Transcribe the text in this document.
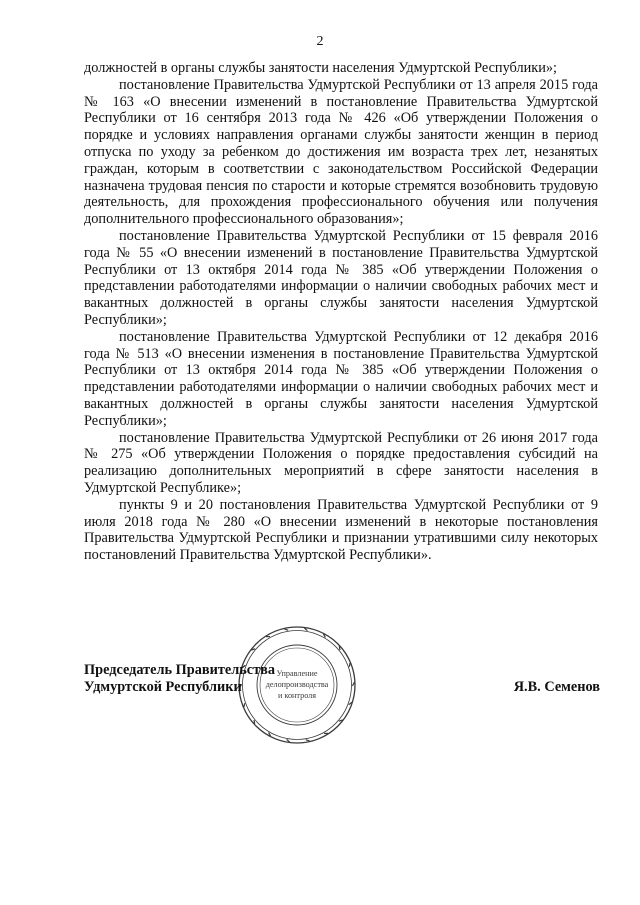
2

должностей в органы службы занятости населения Удмуртской Республики»;

постановление Правительства Удмуртской Республики от 13 апреля 2015 года № 163 «О внесении изменений в постановление Правительства Удмуртской Республики от 16 сентября 2013 года № 426 «Об утверждении Положения о порядке и условиях направления органами службы занятости женщин в период отпуска по уходу за ребенком до достижения им возраста трех лет, незанятых граждан, которым в соответствии с законодательством Российской Федерации назначена трудовая пенсия по старости и которые стремятся возобновить трудовую деятельность, для прохождения профессионального обучения или получения дополнительного профессионального образования»;

постановление Правительства Удмуртской Республики от 15 февраля 2016 года № 55 «О внесении изменений в постановление Правительства Удмуртской Республики от 13 октября 2014 года № 385 «Об утверждении Положения о представлении работодателями информации о наличии свободных рабочих мест и вакантных должностей в органы службы занятости населения Удмуртской Республики»;

постановление Правительства Удмуртской Республики от 12 декабря 2016 года № 513 «О внесении изменения в постановление Правительства Удмуртской Республики от 13 октября 2014 года № 385 «Об утверждении Положения о представлении работодателями информации о наличии свободных рабочих мест и вакантных должностей в органы службы занятости населения Удмуртской Республики»;

постановление Правительства Удмуртской Республики от 26 июня 2017 года № 275 «Об утверждении Положения о порядке предоставления субсидий на реализацию дополнительных мероприятий в сфере занятости населения в Удмуртской Республике»;

пункты 9 и 20 постановления Правительства Удмуртской Республики от 9 июля 2018 года № 280 «О внесении изменений в некоторые постановления Правительства Удмуртской Республики и признании утратившими силу некоторых постановлений Правительства Удмуртской Республики».

Управление
делопроизводства
и контроля
Председатель Правительства
Удмуртской Республики	Я.В. Семенов
